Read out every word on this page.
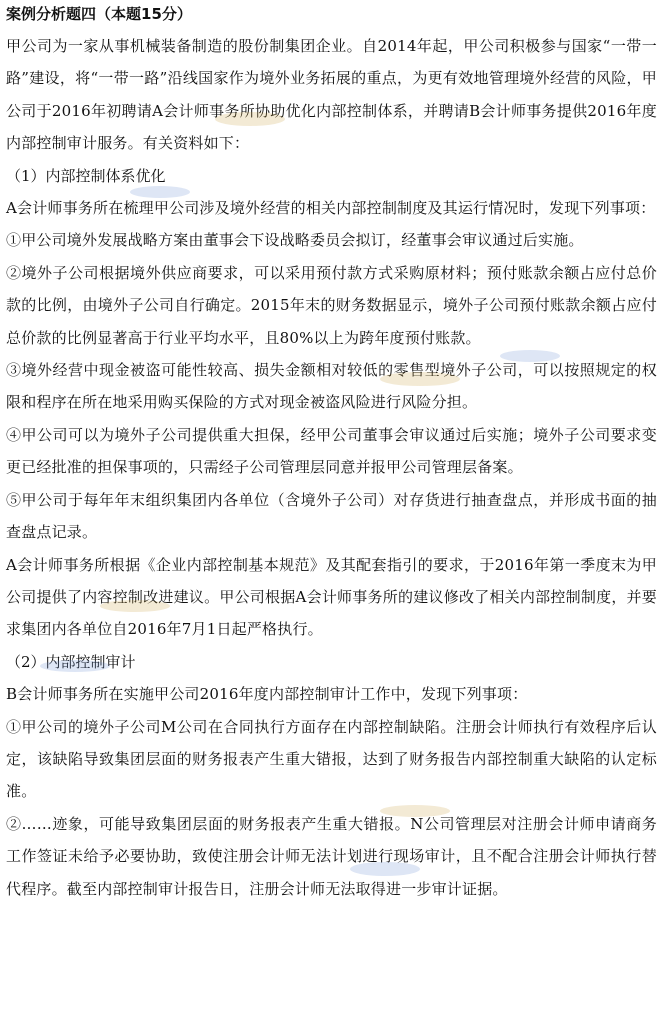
案例分析题四（本题15分）

甲公司为一家从事机械装备制造的股份制集团企业。自2014年起，甲公司积极参与国家“一带一路”建设，将“一带一路”沿线国家作为境外业务拓展的重点，为更有效地管理境外经营的风险，甲公司于2016年初聘请A会计师事务所协助优化内部控制体系，并聘请B会计师事务提供2016年度内部控制审计服务。有关资料如下：

（1）内部控制体系优化

A会计师事务所在梳理甲公司涉及境外经营的相关内部控制制度及其运行情况时，发现下列事项：

①甲公司境外发展战略方案由董事会下设战略委员会拟订，经董事会审议通过后实施。

②境外子公司根据境外供应商要求，可以采用预付款方式采购原材料；预付账款余额占应付总价款的比例，由境外子公司自行确定。2015年末的财务数据显示，境外子公司预付账款余额占应付总价款的比例显著高于行业平均水平，且80%以上为跨年度预付账款。

③境外经营中现金被盗可能性较高、损失金额相对较低的零售型境外子公司，可以按照规定的权限和程序在所在地采用购买保险的方式对现金被盗风险进行风险分担。

④甲公司可以为境外子公司提供重大担保，经甲公司董事会审议通过后实施；境外子公司要求变更已经批准的担保事项的，只需经子公司管理层同意并报甲公司管理层备案。

⑤甲公司于每年年末组织集团内各单位（含境外子公司）对存货进行抽查盘点，并形成书面的抽查盘点记录。

A会计师事务所根据《企业内部控制基本规范》及其配套指引的要求，于2016年第一季度末为甲公司提供了内容控制改进建议。甲公司根据A会计师事务所的建议修改了相关内部控制制度，并要求集团内各单位自2016年7月1日起严格执行。

（2）内部控制审计

B会计师事务所在实施甲公司2016年度内部控制审计工作中，发现下列事项：

①甲公司的境外子公司M公司在合同执行方面存在内部控制缺陷。注册会计师执行有效程序后认定，该缺陷导致集团层面的财务报表产生重大错报，达到了财务报告内部控制重大缺陷的认定标准。

②……迹象，可能导致集团层面的财务报表产生重大错报。N公司管理层对注册会计师申请商务工作签证未给予必要协助，致使注册会计师无法计划进行现场审计，且不配合注册会计师执行替代程序。截至内部控制审计报告日，注册会计师无法取得进一步审计证据。
